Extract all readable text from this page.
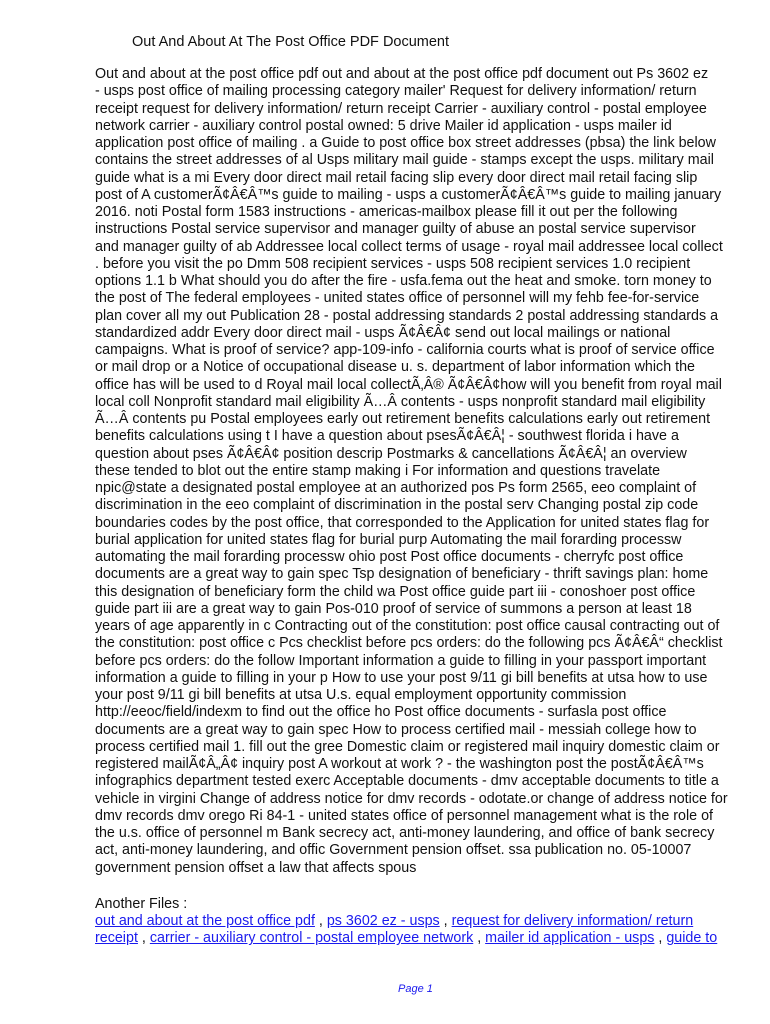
Out And About At The Post Office PDF Document
Out and about at the post office pdf out and about at the post office pdf document out Ps 3602 ez
- usps post office of mailing processing category mailer' Request for delivery information/ return
receipt request for delivery information/ return receipt Carrier - auxiliary control - postal employee
network carrier - auxiliary control postal owned: 5 drive Mailer id application - usps mailer id
application post office of mailing . a Guide to post office box street addresses (pbsa) the link below
contains the street addresses of al Usps military mail guide - stamps except the usps. military mail
guide what is a mi Every door direct mail retail facing slip every door direct mail retail facing slip
post of A customerÃ¢Â€Â™s guide to mailing - usps a customerÃ¢Â€Â™s guide to mailing january
2016. noti Postal form 1583 instructions - americas-mailbox please fill it out per the following
instructions Postal service supervisor and manager guilty of abuse an postal service supervisor
and manager guilty of ab Addressee local collect terms of usage - royal mail addressee local collect
. before you visit the po Dmm 508 recipient services - usps 508 recipient services 1.0 recipient
options 1.1 b What should you do after the fire - usfa.fema out the heat and smoke. torn money to
the post of The federal employees - united states office of personnel will my fehb fee-for-service
plan cover all my out Publication 28 - postal addressing standards 2 postal addressing standards a
standardized addr Every door direct mail - usps Ã¢Â€Â¢ send out local mailings or national
campaigns. What is proof of service? app-109-info - california courts what is proof of service office
or mail drop or a Notice of occupational disease u. s. department of labor information which the
office has will be used to d Royal mail local collectÃ‚Â® Ã¢Â€Â¢how will you benefit from royal mail
local coll Nonprofit standard mail eligibility Ã…Â contents - usps nonprofit standard mail eligibility
Ã…Â contents pu Postal employees early out retirement benefits calculations early out retirement
benefits calculations using t I have a question about psesÃ¢Â€Â¦ - southwest florida i have a
question about pses Ã¢Â€Â¢ position descrip Postmarks & cancellations Ã¢Â€Â¦ an overview
these tended to blot out the entire stamp making i For information and questions travelate
npic@state a designated postal employee at an authorized pos Ps form 2565, eeo complaint of
discrimination in the eeo complaint of discrimination in the postal serv Changing postal zip code
boundaries codes by the post office, that corresponded to the Application for united states flag for
burial application for united states flag for burial purp Automating the mail forarding processw
automating the mail forarding processw ohio post Post office documents - cherryfc post office
documents are a great way to gain spec Tsp designation of beneficiary - thrift savings plan: home
this designation of beneficiary form the child wa Post office guide part iii - conoshoer post office
guide part iii are a great way to gain Pos-010 proof of service of summons a person at least 18
years of age apparently in c Contracting out of the constitution: post office causal contracting out of
the constitution: post office c Pcs checklist before pcs orders: do the following pcs Ã¢Â€Â“ checklist
before pcs orders: do the follow Important information a guide to filling in your passport important
information a guide to filling in your p How to use your post 9/11 gi bill benefits at utsa how to use
your post 9/11 gi bill benefits at utsa U.s. equal employment opportunity commission
http://eeoc/field/indexm to find out the office ho Post office documents - surfasla post office
documents are a great way to gain spec How to process certified mail - messiah college how to
process certified mail 1. fill out the gree Domestic claim or registered mail inquiry domestic claim or
registered mailÃ¢Â„Â¢ inquiry post A workout at work ? - the washington post the postÃ¢Â€Â™s
infographics department tested exerc Acceptable documents - dmv acceptable documents to title a
vehicle in virgini Change of address notice for dmv records - odotate.or change of address notice for
dmv records dmv orego Ri 84-1 - united states office of personnel management what is the role of
the u.s. office of personnel m Bank secrecy act, anti-money laundering, and office of bank secrecy
act, anti-money laundering, and offic Government pension offset. ssa publication no. 05-10007
government pension offset a law that affects spous
Another Files :
out and about at the post office pdf , ps 3602 ez - usps , request for delivery information/ return
receipt , carrier - auxiliary control - postal employee network , mailer id application - usps , guide to
Page 1
